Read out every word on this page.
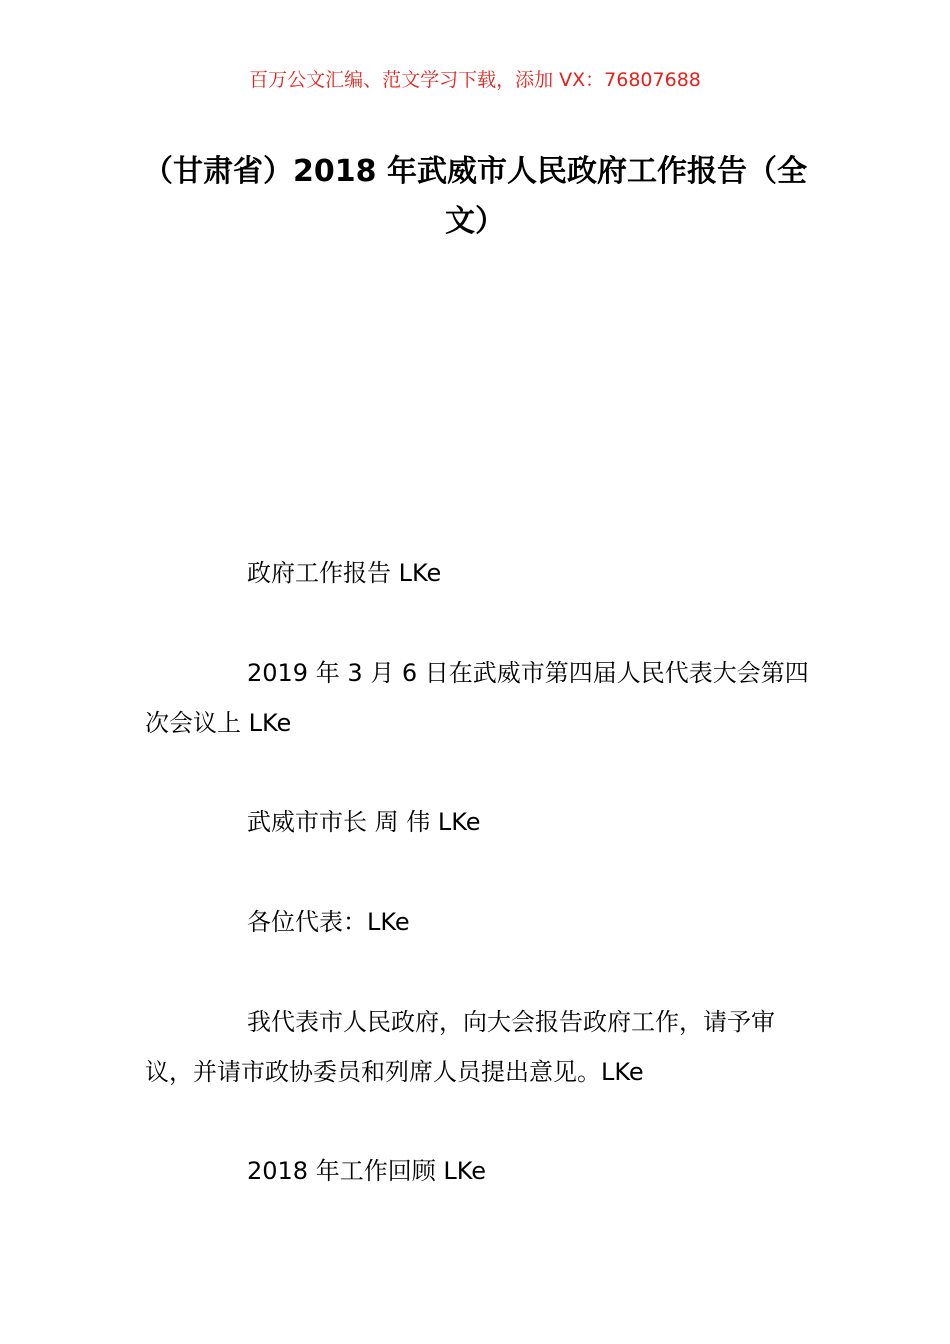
百万公文汇编、范文学习下载，添加 VX：76807688
（甘肃省）2018 年武威市人民政府工作报告（全文）

政府工作报告 LKe

2019 年 3 月 6 日在武威市第四届人民代表大会第四次会议上 LKe

武威市市长 周 伟 LKe

各位代表：LKe

我代表市人民政府，向大会报告政府工作，请予审议，并请市政协委员和列席人员提出意见。LKe

2018 年工作回顾 LKe
